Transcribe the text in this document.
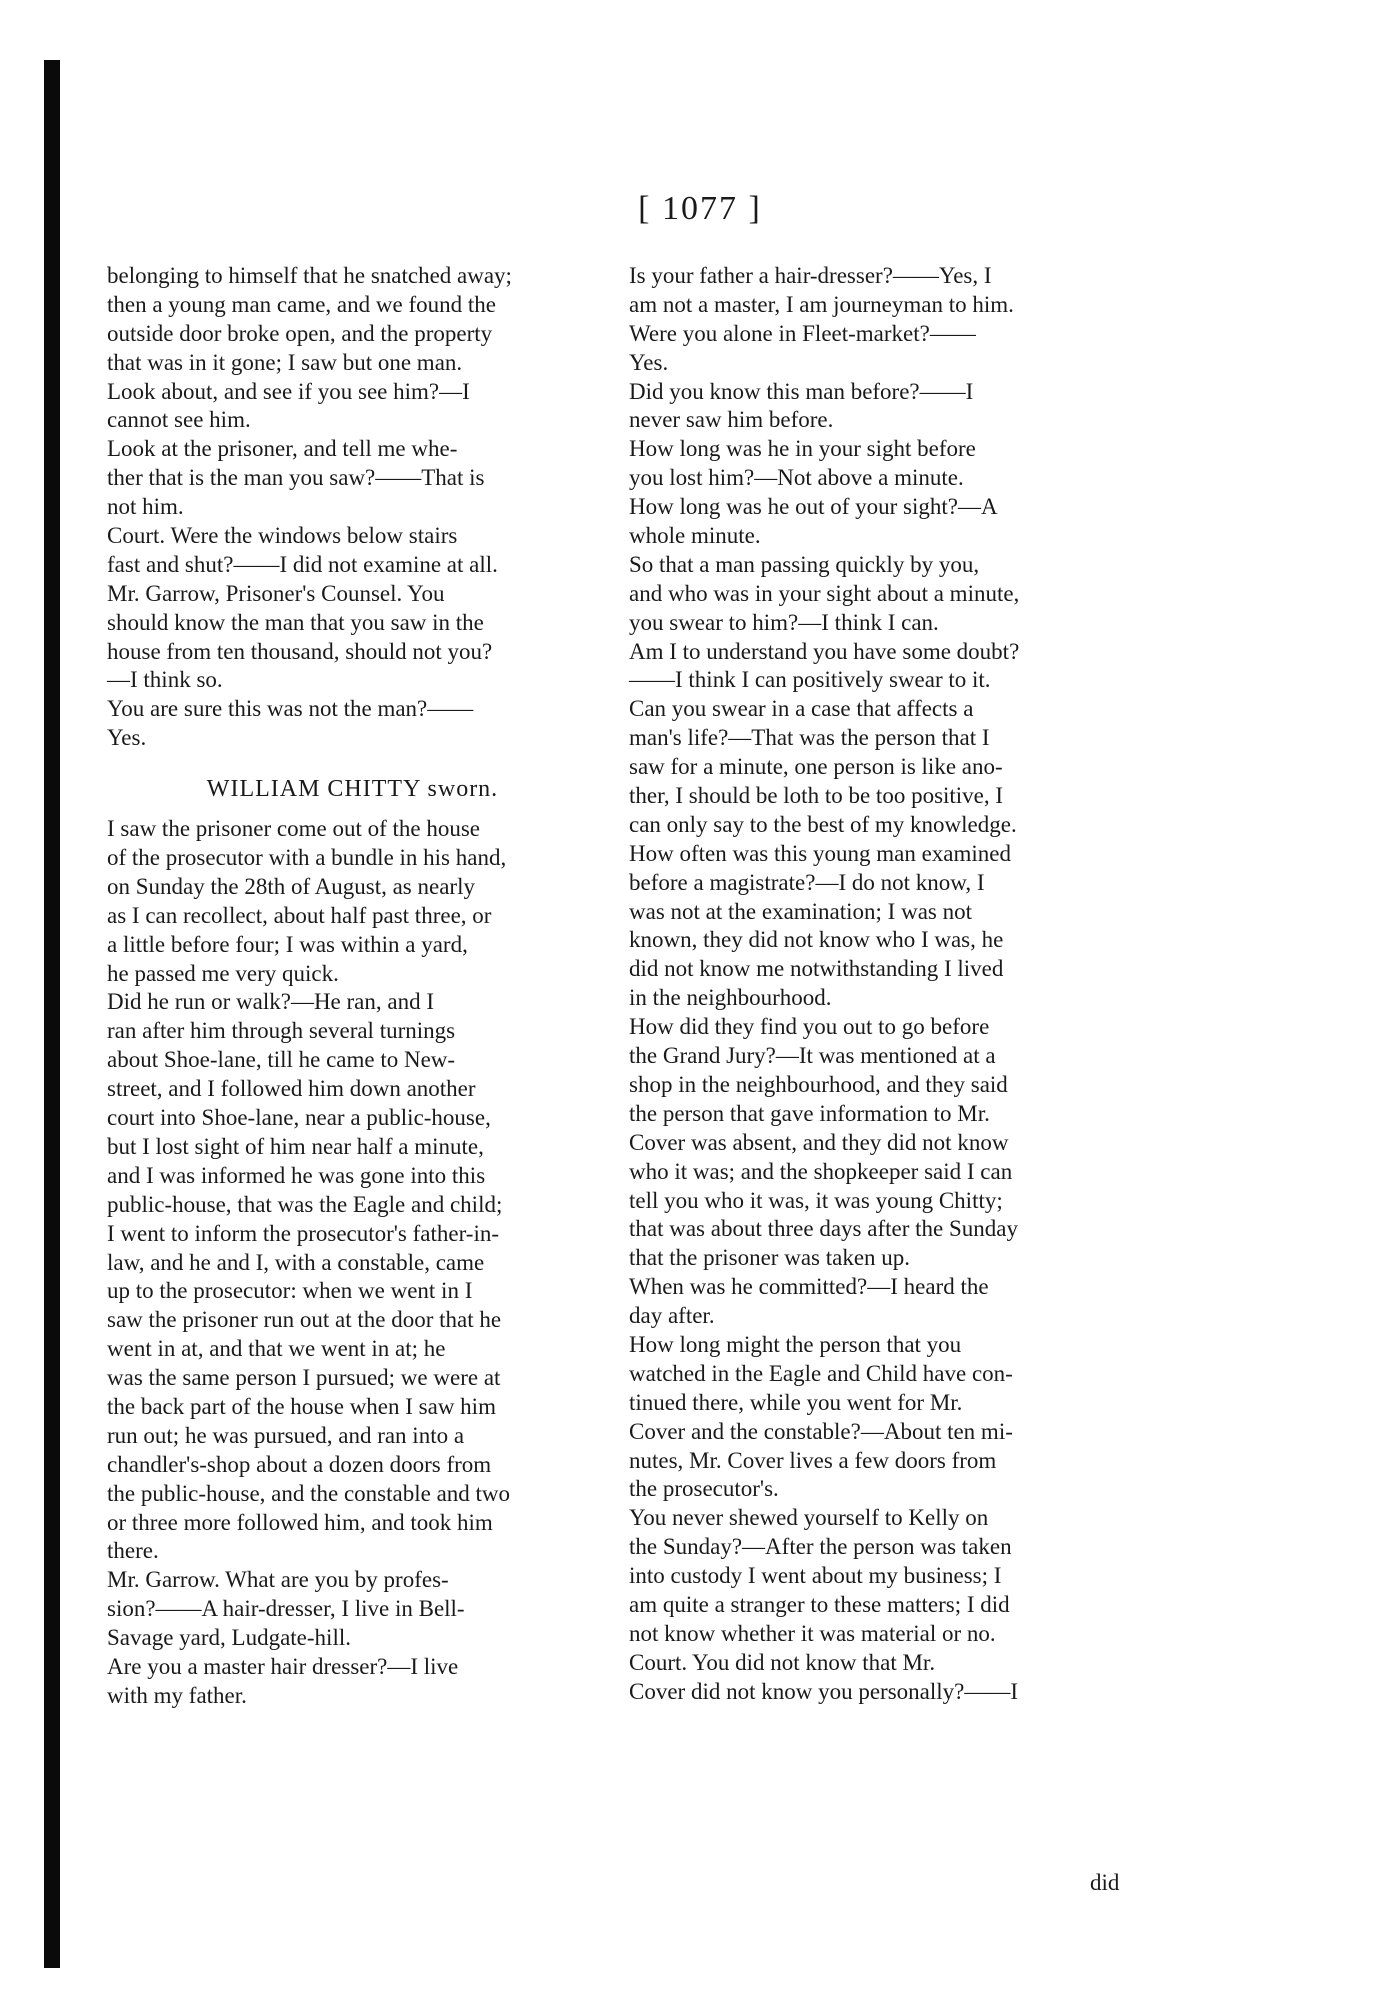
[ 1077 ]
belonging to himself that he snatched away;
then a young man came, and we found the
outside door broke open, and the property
that was in it gone; I saw but one man.
Look about, and see if you see him?—I
cannot see him.
Look at the prisoner, and tell me whe-
ther that is the man you saw?——That is
not him.
Court. Were the windows below stairs
fast and shut?——I did not examine at all.
Mr. Garrow, Prisoner's Counsel. You
should know the man that you saw in the
house from ten thousand, should not you?
—I think so.
You are sure this was not the man?——
Yes.
WILLIAM CHITTY sworn.
I saw the prisoner come out of the house
of the prosecutor with a bundle in his hand,
on Sunday the 28th of August, as nearly
as I can recollect, about half past three, or
a little before four; I was within a yard,
he passed me very quick.
Did he run or walk?—He ran, and I
ran after him through several turnings
about Shoe-lane, till he came to New-
street, and I followed him down another
court into Shoe-lane, near a public-house,
but I lost sight of him near half a minute,
and I was informed he was gone into this
public-house, that was the Eagle and child;
I went to inform the prosecutor's father-in-
law, and he and I, with a constable, came
up to the prosecutor: when we went in I
saw the prisoner run out at the door that he
went in at, and that we went in at; he
was the same person I pursued; we were at
the back part of the house when I saw him
run out; he was pursued, and ran into a
chandler's-shop about a dozen doors from
the public-house, and the constable and two
or three more followed him, and took him
there.
Mr. Garrow. What are you by profes-
sion?——A hair-dresser, I live in Bell-
Savage yard, Ludgate-hill.
Are you a master hair dresser?—I live
with my father.
Is your father a hair-dresser?——Yes, I
am not a master, I am journeyman to him.
Were you alone in Fleet-market?——
Yes.
Did you know this man before?——I
never saw him before.
How long was he in your sight before
you lost him?—Not above a minute.
How long was he out of your sight?—A
whole minute.
So that a man passing quickly by you,
and who was in your sight about a minute,
you swear to him?—I think I can.
Am I to understand you have some doubt?
——I think I can positively swear to it.
Can you swear in a case that affects a
man's life?—That was the person that I
saw for a minute, one person is like ano-
ther, I should be loth to be too positive, I
can only say to the best of my knowledge.
How often was this young man examined
before a magistrate?—I do not know, I
was not at the examination; I was not
known, they did not know who I was, he
did not know me notwithstanding I lived
in the neighbourhood.
How did they find you out to go before
the Grand Jury?—It was mentioned at a
shop in the neighbourhood, and they said
the person that gave information to Mr.
Cover was absent, and they did not know
who it was; and the shopkeeper said I can
tell you who it was, it was young Chitty;
that was about three days after the Sunday
that the prisoner was taken up.
When was he committed?—I heard the
day after.
How long might the person that you
watched in the Eagle and Child have con-
tinued there, while you went for Mr.
Cover and the constable?—About ten mi-
nutes, Mr. Cover lives a few doors from
the prosecutor's.
You never shewed yourself to Kelly on
the Sunday?—After the person was taken
into custody I went about my business; I
am quite a stranger to these matters; I did
not know whether it was material or no.
Court. You did not know that Mr.
Cover did not know you personally?——I
did
